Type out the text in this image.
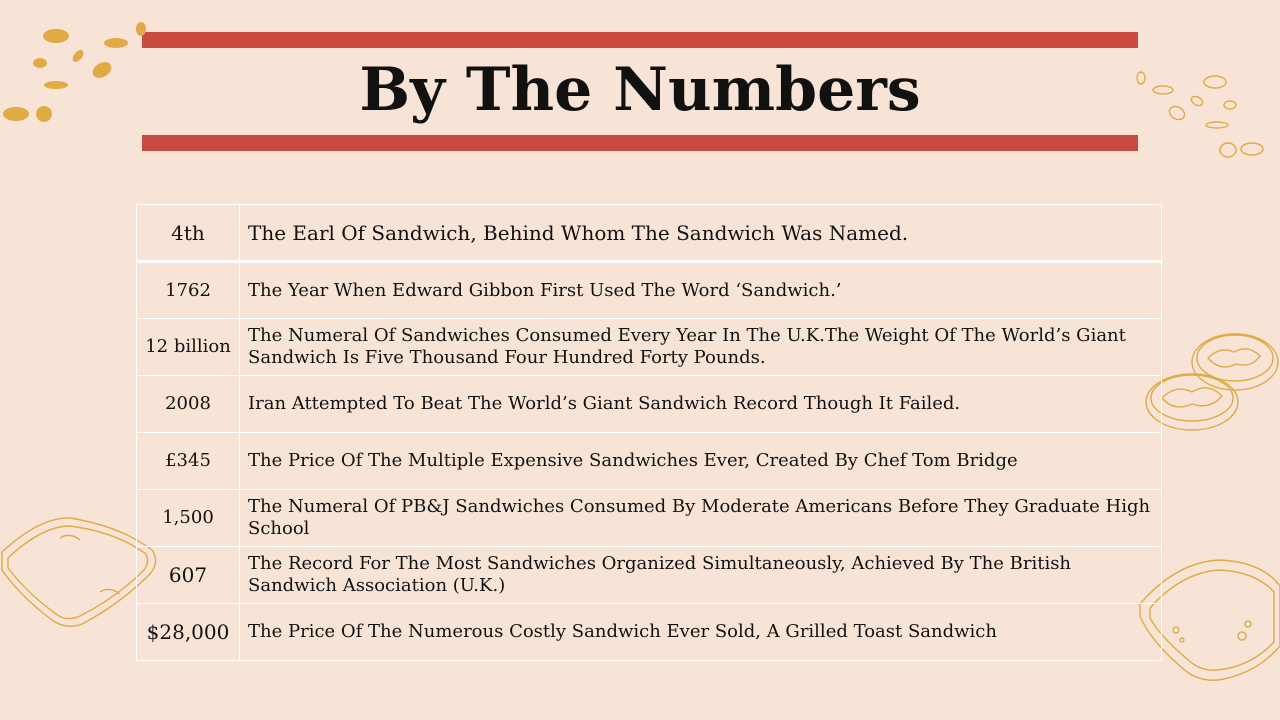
By The Numbers
4th	The Earl Of Sandwich, Behind Whom The Sandwich Was Named.
1762	The Year When Edward Gibbon First Used The Word ‘Sandwich.’
12 billion	The Numeral Of Sandwiches Consumed Every Year In The U.K.The Weight Of The World’s Giant Sandwich Is Five Thousand Four Hundred Forty Pounds.
2008	Iran Attempted To Beat The World’s Giant Sandwich Record Though It Failed.
£345	The Price Of The Multiple Expensive Sandwiches Ever, Created By Chef Tom Bridge
1,500	The Numeral Of PB&J Sandwiches Consumed By Moderate Americans Before They Graduate High School
607	The Record For The Most Sandwiches Organized Simultaneously, Achieved By The British Sandwich Association (U.K.)
$28,000	The Price Of The Numerous Costly Sandwich Ever Sold, A Grilled Toast Sandwich
